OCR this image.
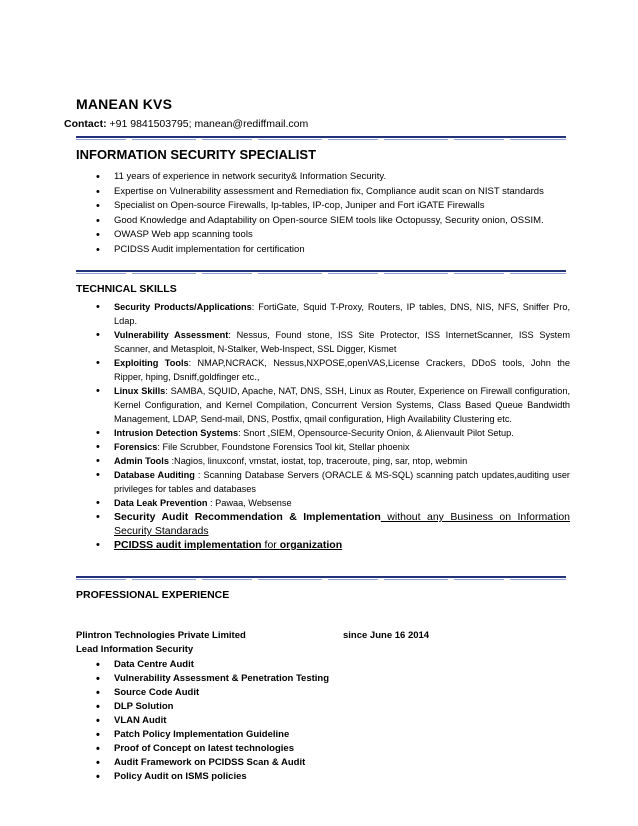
MANEAN KVS
Contact: +91 9841503795; manean@rediffmail.com
INFORMATION SECURITY SPECIALIST
• 11 years of experience in network security& Information Security.
• Expertise on Vulnerability assessment and Remediation fix, Compliance audit scan on NIST standards
• Specialist on Open-source Firewalls, Ip-tables, IP-cop, Juniper and Fort iGATE Firewalls
• Good Knowledge and Adaptability on Open-source SIEM tools like Octopussy, Security onion, OSSIM.
• OWASP Web app scanning tools
• PCIDSS Audit implementation for certification
TECHNICAL SKILLS
• Security Products/Applications: FortiGate, Squid T-Proxy, Routers, IP tables, DNS, NIS, NFS, Sniffer Pro, Ldap.
• Vulnerability Assessment: Nessus, Found stone, ISS Site Protector, ISS InternetScanner, ISS System Scanner, and Metasploit, N-Stalker, Web-Inspect, SSL Digger, Kismet
• Exploiting Tools: NMAP,NCRACK, Nessus,NXPOSE,openVAS,License Crackers, DDoS tools, John the Ripper, hping, Dsniff,goldfinger etc.,
• Linux Skills: SAMBA, SQUID, Apache, NAT, DNS, SSH, Linux as Router, Experience on Firewall configuration, Kernel Configuration, and Kernel Compilation, Concurrent Version Systems, Class Based Queue Bandwidth Management, LDAP, Send-mail, DNS, Postfix, qmail configuration, High Availability Clustering etc.
• Intrusion Detection Systems: Snort ,SIEM, Opensource-Security Onion, & Alienvault Pilot Setup.
• Forensics: File Scrubber, Foundstone Forensics Tool kit, Stellar phoenix
• Admin Tools :Nagios, linuxconf, vmstat, iostat, top, traceroute, ping, sar, ntop, webmin
• Database Auditing : Scanning Database Servers (ORACLE & MS-SQL) scanning patch updates,auditing user privileges for tables and databases
• Data Leak Prevention : Pawaa, Websense
• Security Audit Recommendation & Implementation without any Business on Information Security Standarads
• PCIDSS audit implementation for organization
PROFESSIONAL EXPERIENCE
Plintron Technologies Private Limited	since June 16 2014
Lead Information Security
• Data Centre Audit
• Vulnerability Assessment & Penetration Testing
• Source Code Audit
• DLP Solution
• VLAN Audit
• Patch Policy Implementation Guideline
• Proof of Concept on latest technologies
• Audit Framework on PCIDSS Scan & Audit
• Policy Audit on ISMS policies
